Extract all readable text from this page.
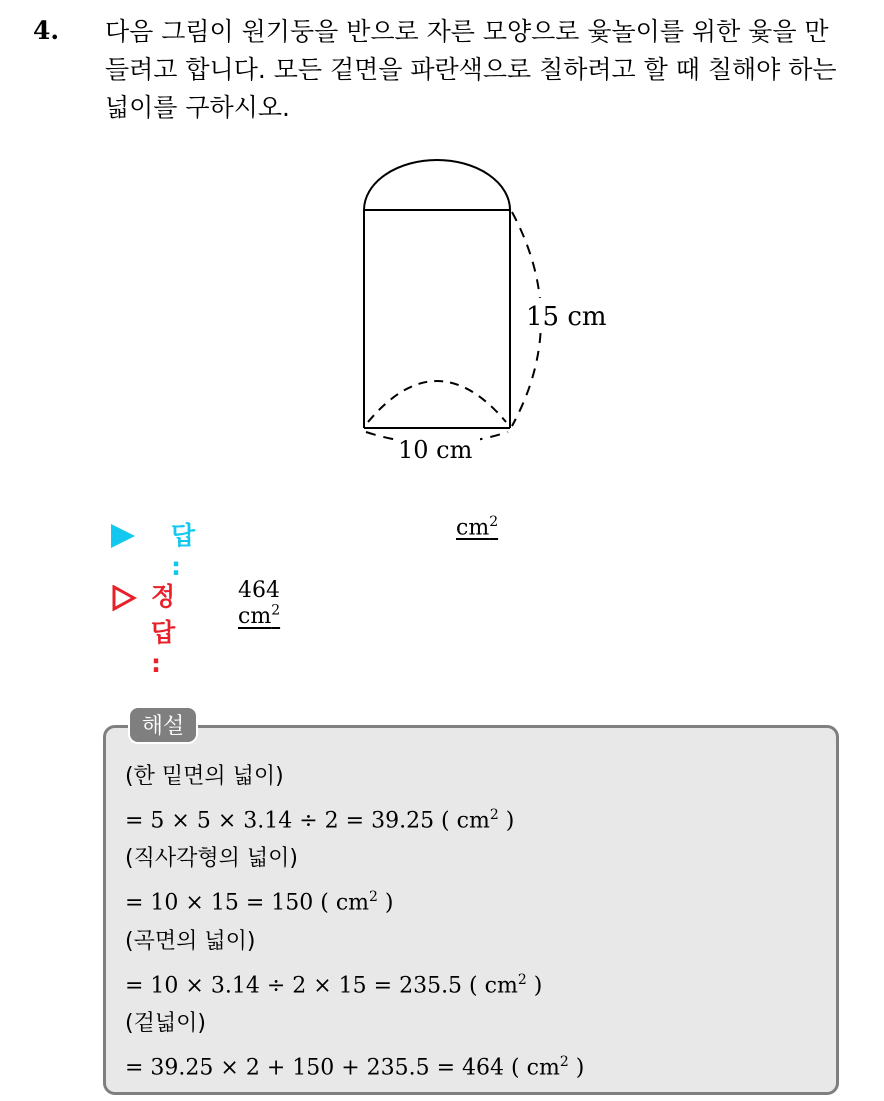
4. 다음 그림이 원기둥을 반으로 자른 모양으로 윷놀이를 위한 윷을 만
들려고 합니다. 모든 겉면을 파란색으로 칠하려고 할 때 칠해야 하는
넓이를 구하시오.
15 cm
10 cm
답 :
$cm^2$
정답 :
464 $cm^2$
해설
(한 밑면의 넓이)
= 5 × 5 × 3.14 ÷ 2 = 39.25 ( $cm^2$ )
(직사각형의 넓이)
= 10 × 15 = 150 ( $cm^2$ )
(곡면의 넓이)
= 10 × 3.14 ÷ 2 × 15 = 235.5 ( $cm^2$ )
(겉넓이)
= 39.25 × 2 + 150 + 235.5 = 464 ( $cm^2$ )
